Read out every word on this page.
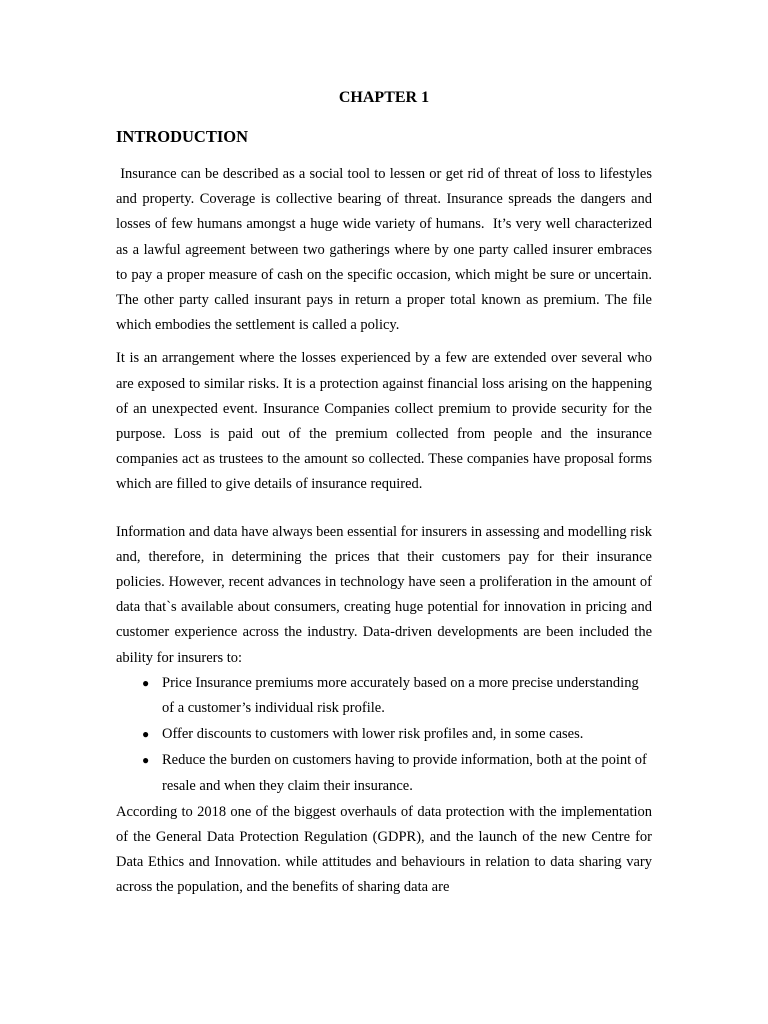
CHAPTER 1
INTRODUCTION

Insurance can be described as a social tool to lessen or get rid of threat of loss to lifestyles and property. Coverage is collective bearing of threat. Insurance spreads the dangers and losses of few humans amongst a huge wide variety of humans.  It’s very well characterized as a lawful agreement between two gatherings where by one party called insurer embraces to pay a proper measure of cash on the specific occasion, which might be sure or uncertain. The other party called insurant pays in return a proper total known as premium. The file which embodies the settlement is called a policy.

It is an arrangement where the losses experienced by a few are extended over several who are exposed to similar risks. It is a protection against financial loss arising on the happening of an unexpected event. Insurance Companies collect premium to provide security for the purpose. Loss is paid out of the premium collected from people and the insurance companies act as trustees to the amount so collected. These companies have proposal forms which are filled to give details of insurance required.

Information and data have always been essential for insurers in assessing and modelling risk and, therefore, in determining the prices that their customers pay for their insurance policies. However, recent advances in technology have seen a proliferation in the amount of data that`s available about consumers, creating huge potential for innovation in pricing and customer experience across the industry. Data-driven developments are been included the ability for insurers to:

● Price Insurance premiums more accurately based on a more precise understanding of a customer’s individual risk profile.
● Offer discounts to customers with lower risk profiles and, in some cases.
● Reduce the burden on customers having to provide information, both at the point of resale and when they claim their insurance.

According to 2018 one of the biggest overhauls of data protection with the implementation of the General Data Protection Regulation (GDPR), and the launch of the new Centre for Data Ethics and Innovation. while attitudes and behaviours in relation to data sharing vary across the population, and the benefits of sharing data are
